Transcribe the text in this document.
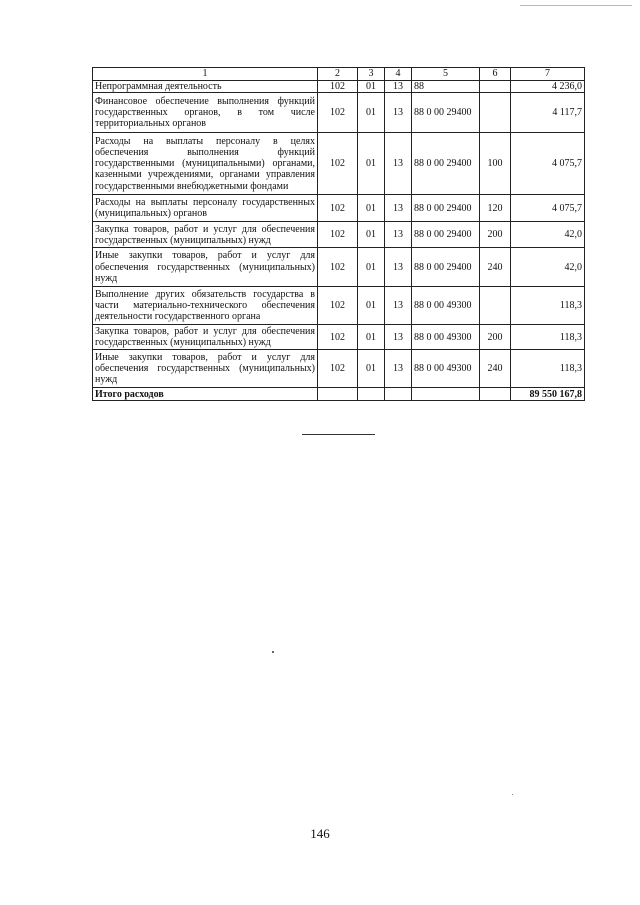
1	2	3	4	5	6	7
Непрограммная деятельность	102	01	13	88		4 236,0
Финансовое обеспечение выполнения функций государственных органов, в том числе территориальных органов	102	01	13	88 0 00 29400		4 117,7
Расходы на выплаты персоналу в целях обеспечения выполнения функций государственными (муниципальными) органами, казенными учреждениями, органами управления государственными внебюджетными фондами	102	01	13	88 0 00 29400	100	4 075,7
Расходы на выплаты персоналу государственных (муниципальных) органов	102	01	13	88 0 00 29400	120	4 075,7
Закупка товаров, работ и услуг для обеспечения государственных (муниципальных) нужд	102	01	13	88 0 00 29400	200	42,0
Иные закупки товаров, работ и услуг для обеспечения государственных (муниципальных) нужд	102	01	13	88 0 00 29400	240	42,0
Выполнение других обязательств государства в части материально-технического обеспечения деятельности государственного органа	102	01	13	88 0 00 49300		118,3
Закупка товаров, работ и услуг для обеспечения государственных (муниципальных) нужд	102	01	13	88 0 00 49300	200	118,3
Иные закупки товаров, работ и услуг для обеспечения государственных (муниципальных) нужд	102	01	13	88 0 00 49300	240	118,3
Итого расходов						89 550 167,8
146
